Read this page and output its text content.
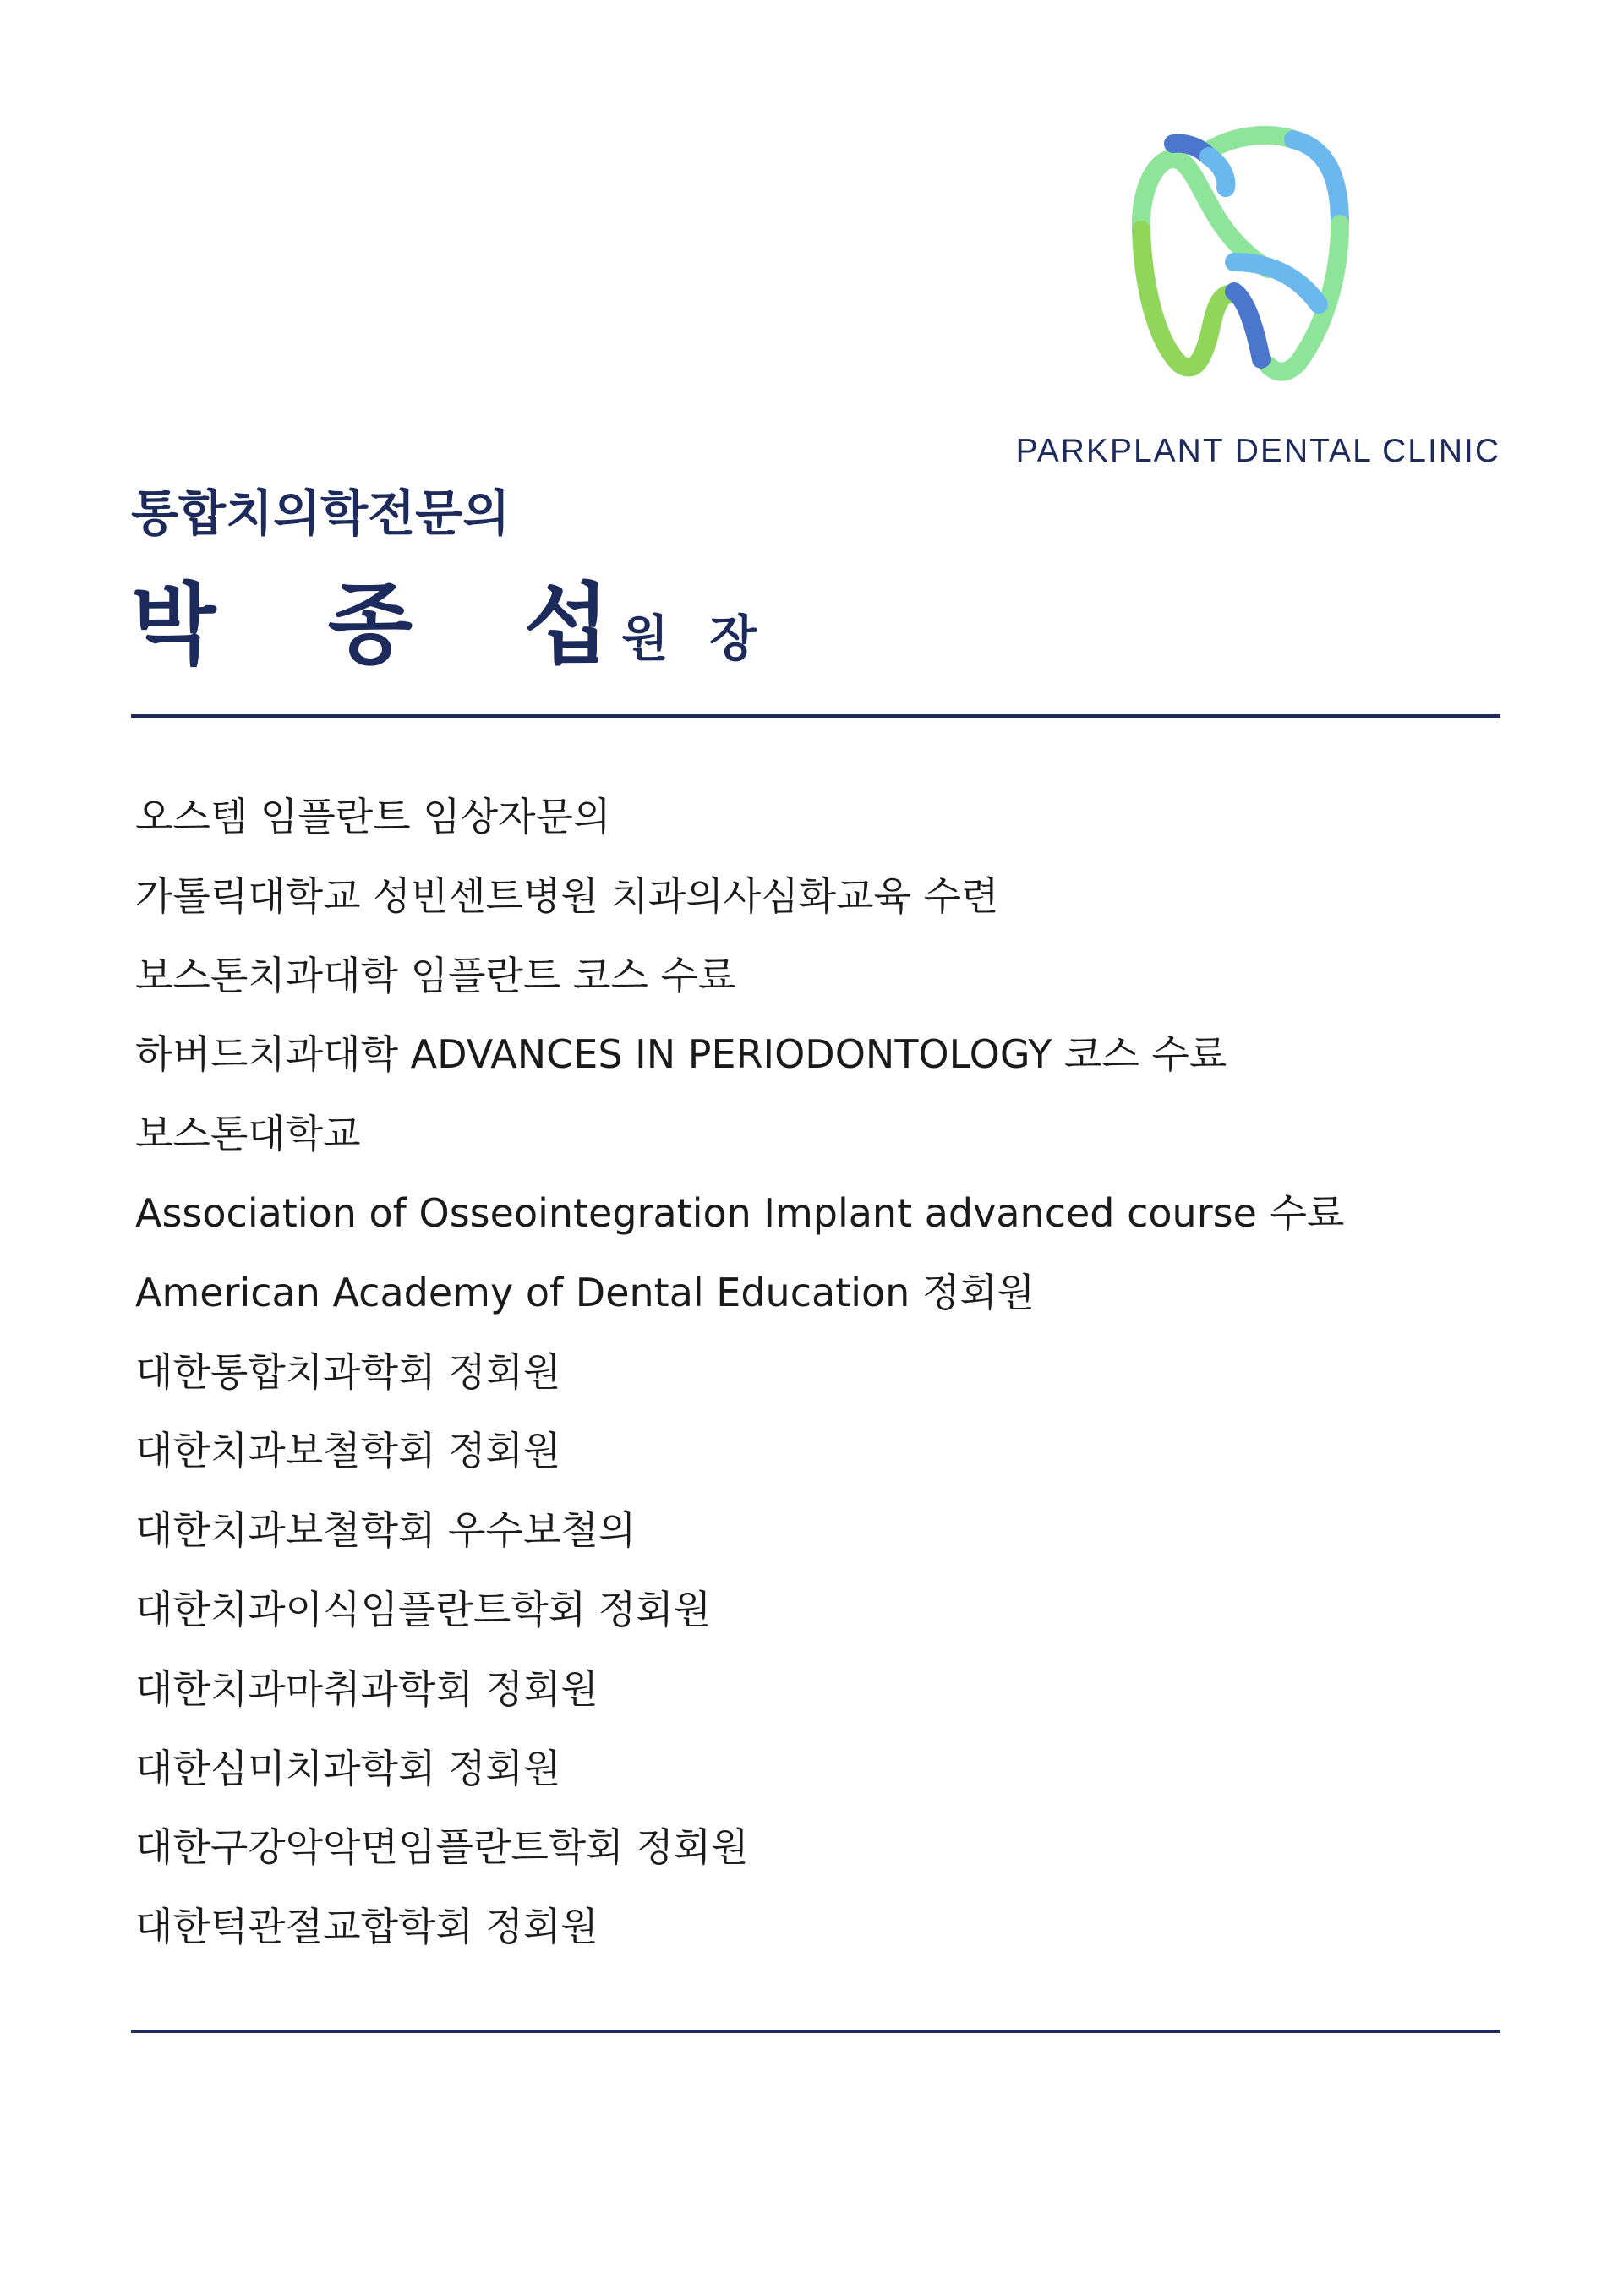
PARKPLANT DENTAL CLINIC
통합치의학전문의
박 종 섭원 장
오스템 임플란트 임상자문의
가톨릭대학교 성빈센트병원 치과의사심화교육 수련
보스톤치과대학 임플란트 코스 수료
하버드치과대학 ADVANCES IN PERIODONTOLOGY 코스 수료
보스톤대학교
Association of Osseointegration Implant advanced course 수료
American Academy of Dental Education 정회원
대한통합치과학회 정회원
대한치과보철학회 정회원
대한치과보철학회 우수보철의
대한치과이식임플란트학회 정회원
대한치과마취과학회 정회원
대한심미치과학회 정회원
대한구강악악면임플란트학회 정회원
대한턱관절교합학회 정회원
